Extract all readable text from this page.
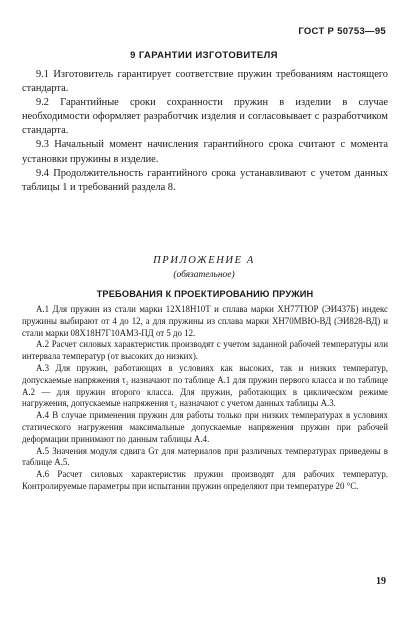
ГОСТ Р 50753—95
9 ГАРАНТИИ ИЗГОТОВИТЕЛЯ

9.1 Изготовитель гарантирует соответствие пружин требованиям настоящего стандарта.

9.2 Гарантийные сроки сохранности пружин в изделии в случае необходимости оформляет разработчик изделия и согласовывает с разработчиком стандарта.

9.3 Начальный момент начисления гарантийного срока считают с момента установки пружины в изделие.

9.4 Продолжительность гарантийного срока устанавливают с учетом данных таблицы 1 и требований раздела 8.

ПРИЛОЖЕНИЕ А
(обязательное)
ТРЕБОВАНИЯ К ПРОЕКТИРОВАНИЮ ПРУЖИН

А.1 Для пружин из стали марки 12Х18Н10Т и сплава марки ХН77ТЮР (ЭИ437Б) индекс пружины выбирают от 4 до 12, а для пружины из сплава марки ХН70МВЮ-ВД (ЭИ828-ВД) и стали марки 08Х18Н7Г10АМ3-ПД от 5 до 12.

А.2 Расчет силовых характеристик производят с учетом заданной рабочей температуры или интервала температур (от высоких до низких).

А.3 Для пружин, работающих в условиях как высоких, так и низких температур, допускаемые напряжения τ₂ назначают по таблице А.1 для пружин первого класса и по таблице А.2 — для пружин второго класса. Для пружин, работающих в циклическом режиме нагружения, допускаемые напряжения τ₂ назначают с учетом данных таблицы А.3.

А.4 В случае применения пружин для работы только при низких температурах в условиях статического нагружения максимальные допускаемые напряжения пружин при рабочей деформации принимают по данным таблицы А.4.

А.5 Значения модуля сдвига Gт для материалов при различных температурах приведены в таблице А.5.

А.6 Расчет силовых характеристик пружин производят для рабочих температур. Контролируемые параметры при испытании пружин определяют при температуре 20 °С.

19
